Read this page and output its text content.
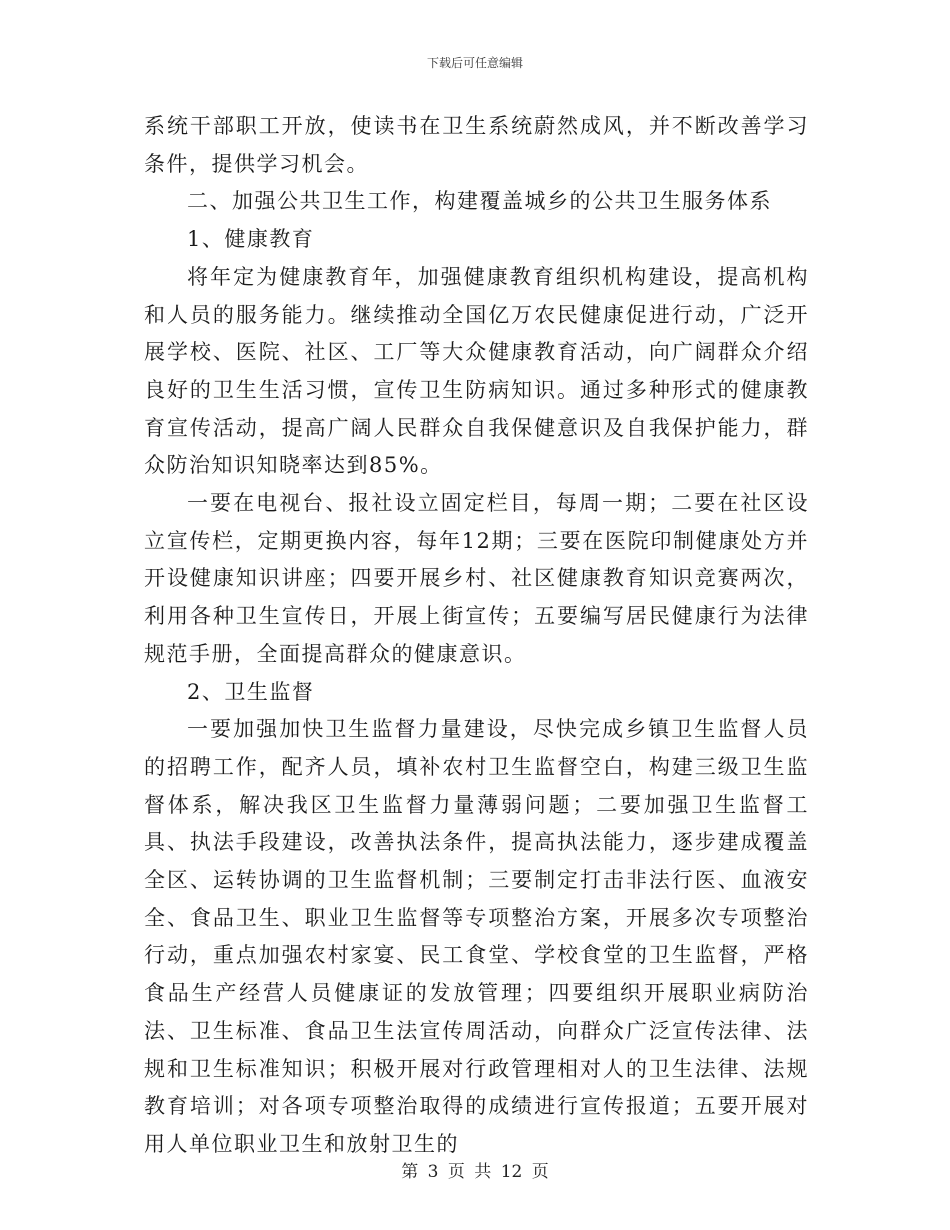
下载后可任意编辑

系统干部职工开放，使读书在卫生系统蔚然成风，并不断改善学习条件，提供学习机会。

二、加强公共卫生工作，构建覆盖城乡的公共卫生服务体系

1、健康教育

将年定为健康教育年，加强健康教育组织机构建设，提高机构和人员的服务能力。继续推动全国亿万农民健康促进行动，广泛开展学校、医院、社区、工厂等大众健康教育活动，向广阔群众介绍良好的卫生生活习惯，宣传卫生防病知识。通过多种形式的健康教育宣传活动，提高广阔人民群众自我保健意识及自我保护能力，群众防治知识知晓率达到85%。

一要在电视台、报社设立固定栏目，每周一期；二要在社区设立宣传栏，定期更换内容，每年12期；三要在医院印制健康处方并开设健康知识讲座；四要开展乡村、社区健康教育知识竞赛两次，利用各种卫生宣传日，开展上街宣传；五要编写居民健康行为法律规范手册，全面提高群众的健康意识。

2、卫生监督

一要加强加快卫生监督力量建设，尽快完成乡镇卫生监督人员的招聘工作，配齐人员，填补农村卫生监督空白，构建三级卫生监督体系，解决我区卫生监督力量薄弱问题；二要加强卫生监督工具、执法手段建设，改善执法条件，提高执法能力，逐步建成覆盖全区、运转协调的卫生监督机制；三要制定打击非法行医、血液安全、食品卫生、职业卫生监督等专项整治方案，开展多次专项整治行动，重点加强农村家宴、民工食堂、学校食堂的卫生监督，严格食品生产经营人员健康证的发放管理；四要组织开展职业病防治法、卫生标准、食品卫生法宣传周活动，向群众广泛宣传法律、法规和卫生标准知识；积极开展对行政管理相对人的卫生法律、法规教育培训；对各项专项整治取得的成绩进行宣传报道；五要开展对用人单位职业卫生和放射卫生的

第 3 页 共 12 页
